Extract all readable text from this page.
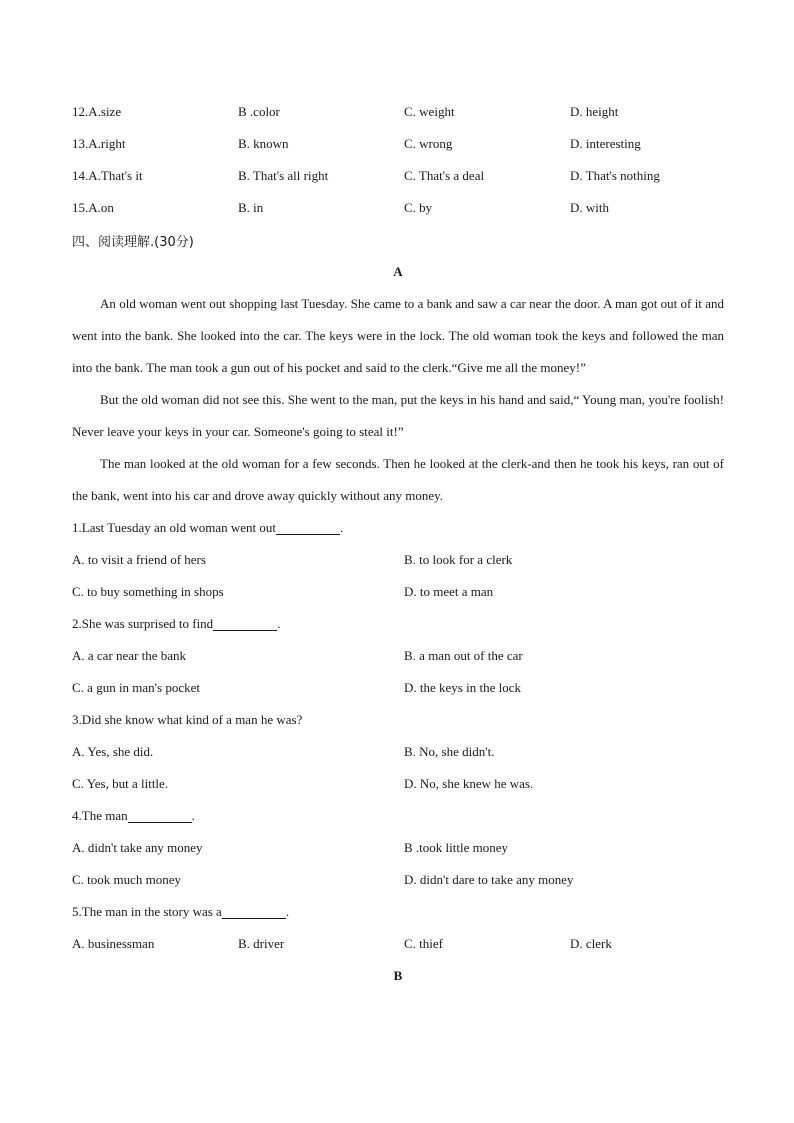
12.A.size	B .color	C. weight	D. height
13.A.right	B. known	C. wrong	D. interesting
14.A.That's it	B. That's all right	C. That's a deal	D. That's nothing
15.A.on	B. in	C. by	D. with
四、阅读理解.(30分)
A

An old woman went out shopping last Tuesday. She came to a bank and saw a car near the door. A man got out of it and went into the bank. She looked into the car. The keys were in the lock. The old woman took the keys and followed the man into the bank. The man took a gun out of his pocket and said to the clerk.“Give me all the money!”

But the old woman did not see this. She went to the man, put the keys in his hand and said,“ Young man, you're foolish! Never leave your keys in your car. Someone's going to steal it!”

The man looked at the old woman for a few seconds. Then he looked at the clerk-and then he took his keys, ran out of the bank, went into his car and drove away quickly without any money.

1.Last Tuesday an old woman went out	.
A. to visit a friend of hers	B. to look for a clerk
C. to buy something in shops	D. to meet a man
2.She was surprised to find	.
A. a car near the bank	B. a man out of the car
C. a gun in man's pocket	D. the keys in the lock
3.Did she know what kind of a man he was?
A. Yes, she did.	B. No, she didn't.
C. Yes, but a little.	D. No, she knew he was.
4.The man	.
A. didn't take any money	B .took little money
C. took much money	D. didn't dare to take any money
5.The man in the story was a	.
A. businessman	B. driver	C. thief	D. clerk
B
